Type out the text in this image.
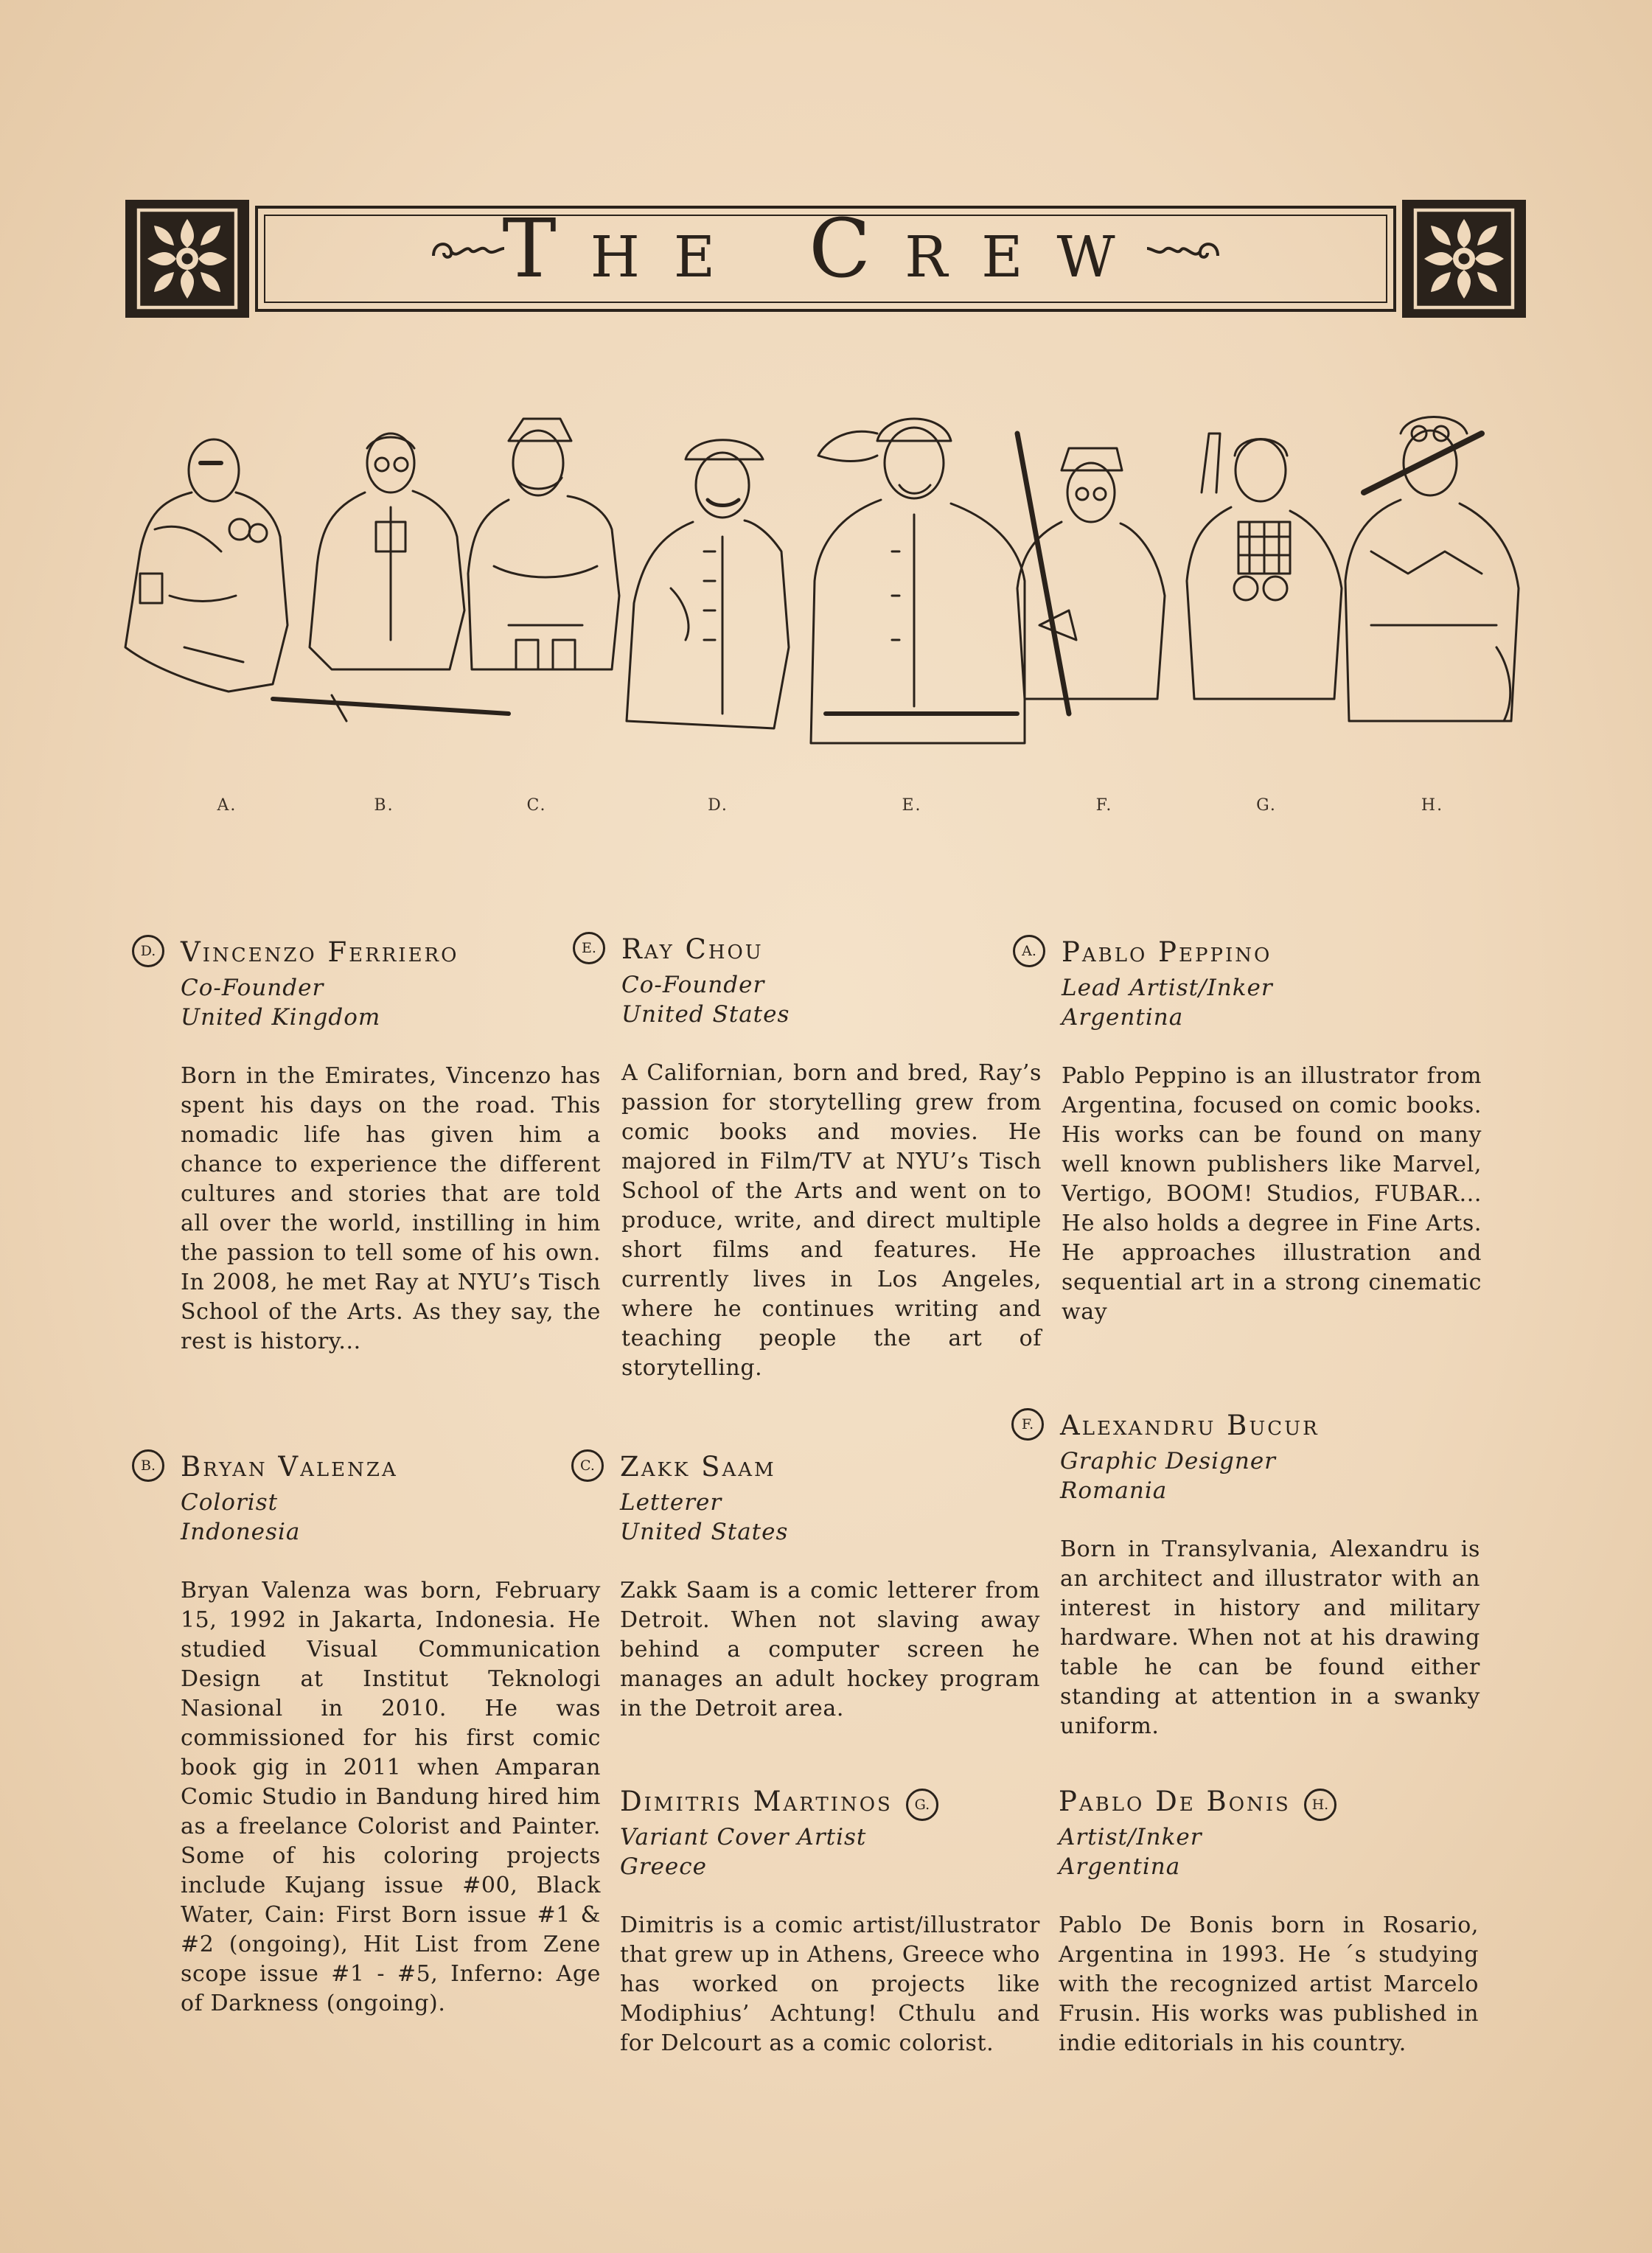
The Crew
A.	B.	C.	D.	E.	F.	G.	H.
D. Vincenzo Ferriero
Co-Founder
United Kingdom
Born in the Emirates, Vincenzo has spent his days on the road. This nomadic life has given him a chance to experience the different cultures and stories that are told all over the world, instilling in him the passion to tell some of his own. In 2008, he met Ray at NYU’s Tisch School of the Arts. As they say, the rest is history...
E. Ray Chou
Co-Founder
United States
A Californian, born and bred, Ray’s passion for storytelling grew from comic books and movies. He majored in Film/TV at NYU’s Tisch School of the Arts and went on to produce, write, and direct multiple short films and features. He currently lives in Los Angeles, where he continues writing and teaching people the art of storytelling.
A. Pablo Peppino
Lead Artist/Inker
Argentina
Pablo Peppino is an illustrator from Argentina, focused on comic books. His works can be found on many well known publishers like Marvel, Vertigo, BOOM! Studios, FUBAR... He also holds a degree in Fine Arts. He approaches illustration and sequential art in a strong cinematic way
B. Bryan Valenza
Colorist
Indonesia
Bryan Valenza was born, February 15, 1992 in Jakarta, Indonesia. He studied Visual Communication Design at Institut Teknologi Nasional in 2010. He was commissioned for his first comic book gig in 2011 when Amparan Comic Studio in Bandung hired him as a freelance Colorist and Painter. Some of his coloring projects include Kujang issue #00, Black Water, Cain: First Born issue #1 & #2 (ongoing), Hit List from Zene scope issue #1 - #5, Inferno: Age of Darkness (ongoing).
C. Zakk Saam
Letterer
United States
Zakk Saam is a comic letterer from Detroit. When not slaving away behind a computer screen he manages an adult hockey program in the Detroit area.
F. Alexandru Bucur
Graphic Designer
Romania
Born in Transylvania, Alexandru is an architect and illustrator with an interest in history and military hardware. When not at his drawing table he can be found either standing at attention in a swanky uniform.
Dimitris Martinos G.
Variant Cover Artist
Greece
Dimitris is a comic artist/illustrator that grew up in Athens, Greece who has worked on projects like Modiphius’ Achtung! Cthulu and for Delcourt as a comic colorist.
Pablo De Bonis H.
Artist/Inker
Argentina
Pablo De Bonis born in Rosario, Argentina in 1993. He ´s studying with the recognized artist Marcelo Frusin. His works was published in indie editorials in his country.
